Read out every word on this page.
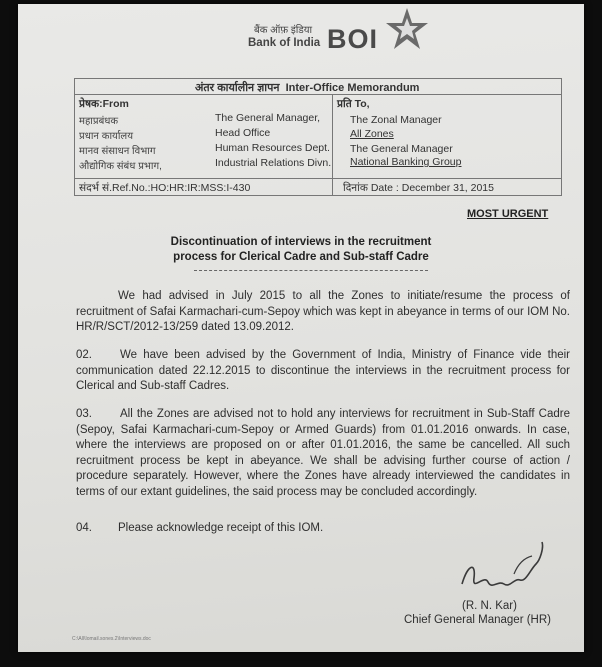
बैंक ऑफ़ इंडिया
Bank of India BOI
अंतर कार्यालीन ज्ञापन Inter-Office Memorandum
प्रेषक:From	प्रति To,
महाप्रबंधक	The General Manager,
प्रधान कार्यालय	Head Office
मानव संसाधन विभाग	Human Resources Dept.
औद्योगिक संबंध प्रभाग,	Industrial Relations Divn.
The Zonal Manager
All Zones
The General Manager
National Banking Group
संदर्भ सं.Ref.No.:HO:HR:IR:MSS:I-430	दिनांक Date : December 31, 2015
MOST URGENT
Discontinuation of interviews in the recruitment
process for Clerical Cadre and Sub-staff Cadre
We had advised in July 2015 to all the Zones to initiate/resume the process of recruitment of Safai Karmachari-cum-Sepoy which was kept in abeyance in terms of our IOM No. HR/R/SCT/2012-13/259 dated 13.09.2012.
02. We have been advised by the Government of India, Ministry of Finance vide their communication dated 22.12.2015 to discontinue the interviews in the recruitment process for Clerical and Sub-staff Cadres.
03. All the Zones are advised not to hold any interviews for recruitment in Sub-Staff Cadre (Sepoy, Safai Karmachari-cum-Sepoy or Armed Guards) from 01.01.2016 onwards. In case, where the interviews are proposed on or after 01.01.2016, the same be cancelled. All such recruitment process be kept in abeyance. We shall be advising further course of action / procedure separately. However, where the Zones have already interviewed the candidates in terms of our extant guidelines, the said process may be concluded accordingly.
04. Please acknowledge receipt of this IOM.
(R. N. Kar)
Chief General Manager (HR)
C:\All\Iomail.sones.2\Interviews.doc
